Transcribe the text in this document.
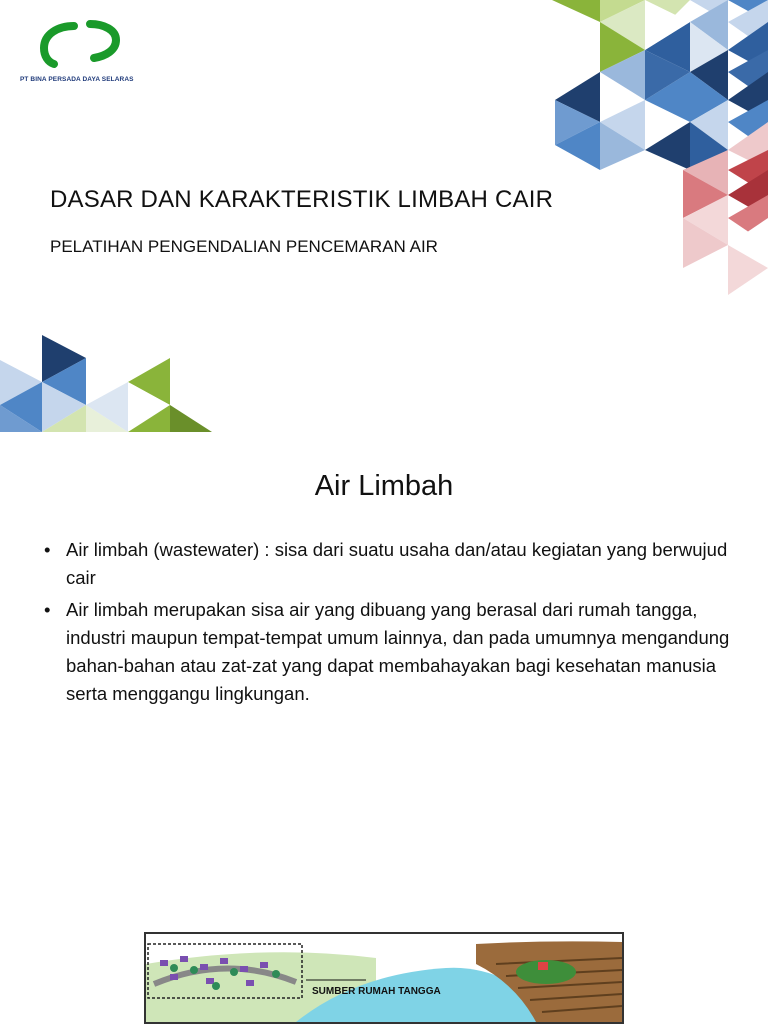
PT BINA PERSADA DAYA SELARAS
DASAR DAN KARAKTERISTIK LIMBAH CAIR
PELATIHAN PENGENDALIAN PENCEMARAN AIR
Air Limbah
• Air limbah (wastewater) : sisa dari suatu usaha dan/atau kegiatan yang berwujud cair
• Air limbah merupakan sisa air yang dibuang yang berasal dari rumah tangga, industri maupun tempat-tempat umum lainnya, dan pada umumnya mengandung bahan-bahan atau zat-zat yang dapat membahayakan bagi kesehatan manusia serta menggangu lingkungan.
SUMBER RUMAH TANGGA
